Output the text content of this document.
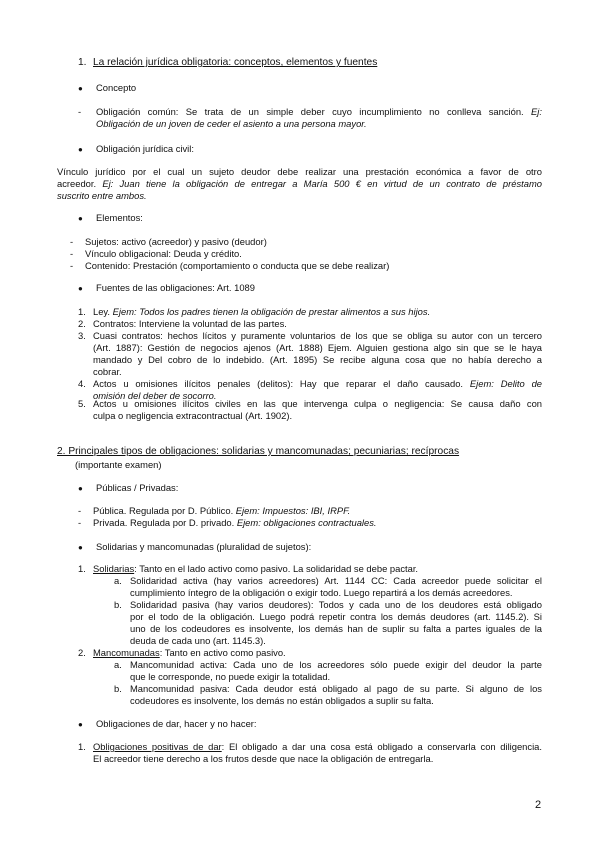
1. La relación jurídica obligatoria: conceptos, elementos y fuentes
● Concepto
- Obligación común: Se trata de un simple deber cuyo incumplimiento no conlleva sanción. Ej:
Obligación de un joven de ceder el asiento a una persona mayor.
● Obligación jurídica civil:
Vínculo jurídico por el cual un sujeto deudor debe realizar una prestación económica a favor de otro
acreedor. Ej: Juan tiene la obligación de entregar a María 500 € en virtud de un contrato de préstamo
suscrito entre ambos.
● Elementos:
- Sujetos: activo (acreedor) y pasivo (deudor)
- Vínculo obligacional: Deuda y crédito.
- Contenido: Prestación (comportamiento o conducta que se debe realizar)
● Fuentes de las obligaciones: Art. 1089
1. Ley. Ejem: Todos los padres tienen la obligación de prestar alimentos a sus hijos.
2. Contratos: Interviene la voluntad de las partes.
3. Cuasi contratos: hechos lícitos y puramente voluntarios de los que se obliga su autor con un tercero
(Art. 1887): Gestión de negocios ajenos (Art. 1888) Ejem. Alguien gestiona algo sin que se le haya
mandado y Del cobro de lo indebido. (Art. 1895) Se recibe alguna cosa que no había derecho a
cobrar.
4. Actos u omisiones ilícitos penales (delitos): Hay que reparar el daño causado. Ejem: Delito de
omisión del deber de socorro.
5. Actos u omisiones ilícitos civiles en las que intervenga culpa o negligencia: Se causa daño con
culpa o negligencia extracontractual (Art. 1902).
2. Principales tipos de obligaciones: solidarias y mancomunadas; pecuniarias; recíprocas
(importante examen)
● Públicas / Privadas:
- Pública. Regulada por D. Público. Ejem: Impuestos: IBI, IRPF.
- Privada. Regulada por D. privado. Ejem: obligaciones contractuales.
● Solidarias y mancomunadas (pluralidad de sujetos):
1. Solidarias: Tanto en el lado activo como pasivo. La solidaridad se debe pactar.
a. Solidaridad activa (hay varios acreedores) Art. 1144 CC: Cada acreedor puede solicitar el
cumplimiento íntegro de la obligación o exigir todo. Luego repartirá a los demás acreedores.
b. Solidaridad pasiva (hay varios deudores): Todos y cada uno de los deudores está obligado
por el todo de la obligación. Luego podrá repetir contra los demás deudores (art. 1145.2). Si
uno de los codeudores es insolvente, los demás han de suplir su falta a partes iguales de la
deuda de cada uno (art. 1145.3).
2. Mancomunadas: Tanto en activo como pasivo.
a. Mancomunidad activa: Cada uno de los acreedores sólo puede exigir del deudor la parte
que le corresponde, no puede exigir la totalidad.
b. Mancomunidad pasiva: Cada deudor está obligado al pago de su parte. Si alguno de los
codeudores es insolvente, los demás no están obligados a suplir su falta.
● Obligaciones de dar, hacer y no hacer:
1. Obligaciones positivas de dar: El obligado a dar una cosa está obligado a conservarla con diligencia.
El acreedor tiene derecho a los frutos desde que nace la obligación de entregarla.
2
